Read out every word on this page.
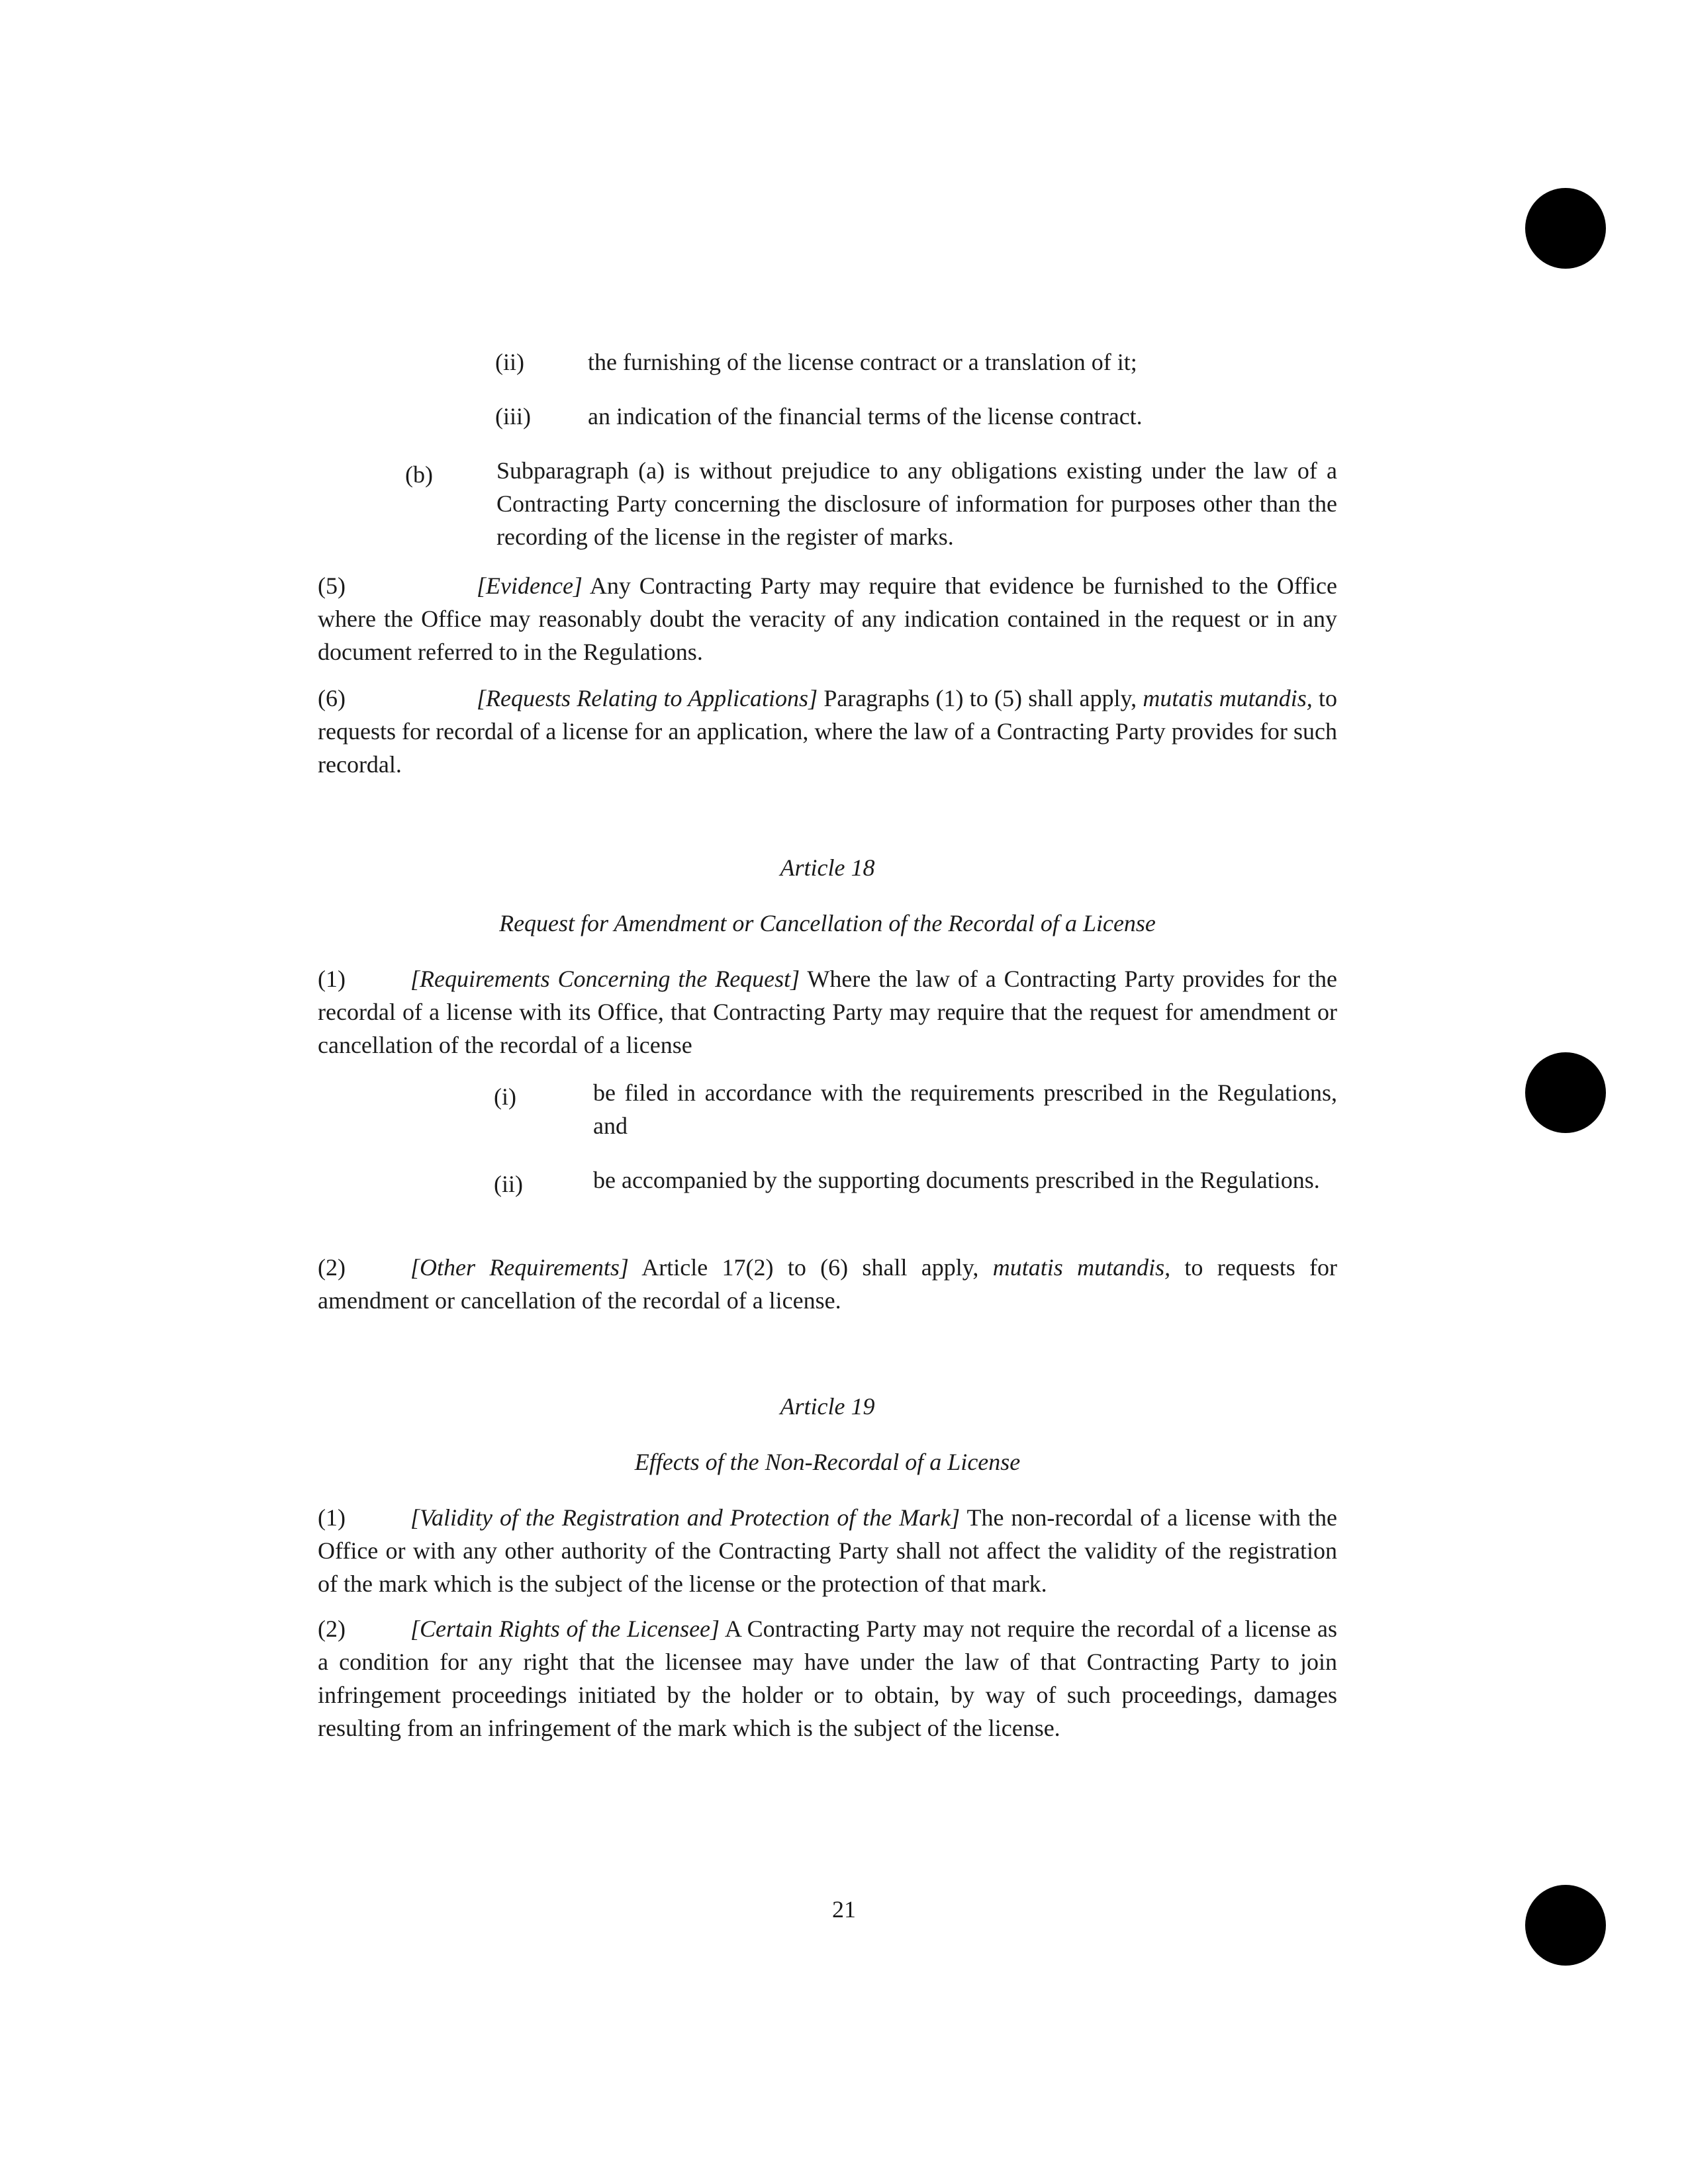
(ii)	the furnishing of the license contract or a translation of it;
(iii) an indication of the financial terms of the license contract.
(b)	Subparagraph (a) is without prejudice to any obligations existing under the law of a Contracting Party concerning the disclosure of information for purposes other than the recording of the license in the register of marks.
(5)	[Evidence] Any Contracting Party may require that evidence be furnished to the Office where the Office may reasonably doubt the veracity of any indication contained in the request or in any document referred to in the Regulations.
(6)	[Requests Relating to Applications] Paragraphs (1) to (5) shall apply, mutatis mutandis, to requests for recordal of a license for an application, where the law of a Contracting Party provides for such recordal.
Article 18
Request for Amendment or Cancellation of the Recordal of a License
(1)	[Requirements Concerning the Request] Where the law of a Contracting Party provides for the recordal of a license with its Office, that Contracting Party may require that the request for amendment or cancellation of the recordal of a license
(i)	be filed in accordance with the requirements prescribed in the Regulations, and
(ii)	be accompanied by the supporting documents prescribed in the Regulations.
(2)	[Other Requirements] Article 17(2) to (6) shall apply, mutatis mutandis, to requests for amendment or cancellation of the recordal of a license.
Article 19
Effects of the Non-Recordal of a License
(1)	[Validity of the Registration and Protection of the Mark] The non-recordal of a license with the Office or with any other authority of the Contracting Party shall not affect the validity of the registration of the mark which is the subject of the license or the protection of that mark.
(2)	[Certain Rights of the Licensee] A Contracting Party may not require the recordal of a license as a condition for any right that the licensee may have under the law of that Contracting Party to join infringement proceedings initiated by the holder or to obtain, by way of such proceedings, damages resulting from an infringement of the mark which is the subject of the license.
21
